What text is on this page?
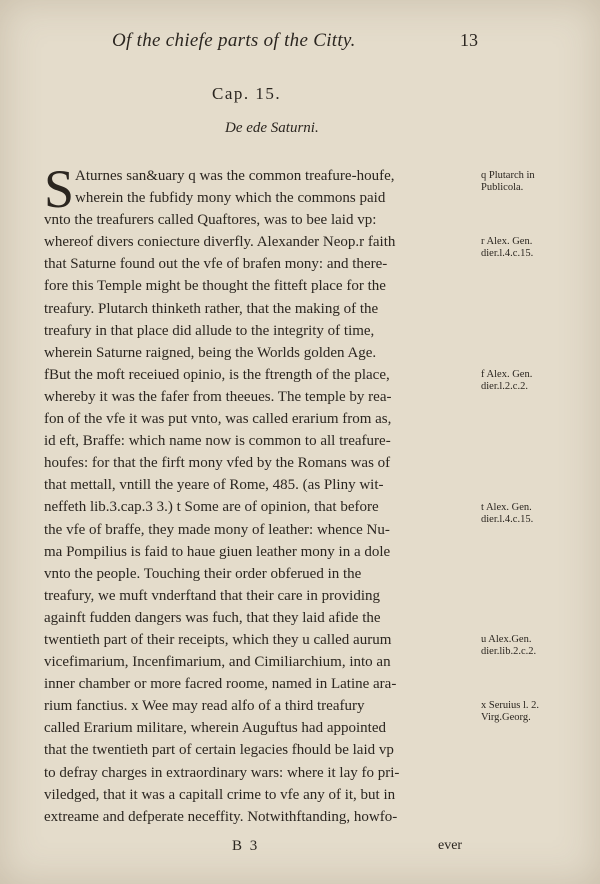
Of the chiefe parts of the Citty.	13
Cap. 15.
De ede Saturni.
S Aturnes san&uary q was the common treafure-houfe,
wherein the fubfidy mony which the commons paid
vnto the treafurers called Quaftores, was to bee laid vp:
whereof divers coniecture diverfly. Alexander Neop.r faith
that Saturne found out the vfe of brafen mony: and there-
fore this Temple might be thought the fitteft place for the
treafury. Plutarch thinketh rather, that the making of the
treafury in that place did allude to the integrity of time,
wherein Saturne raigned, being the Worlds golden Age.
fBut the moft receiued opinio, is the ftrength of the place,
whereby it was the fafer from theeues. The temple by rea-
fon of the vfe it was put vnto, was called erarium from as,
id eft, Braffe: which name now is common to all treafure-
houfes: for that the firft mony vfed by the Romans was of
that mettall, vntill the yeare of Rome, 485. (as Pliny wit-
neffeth lib.3.cap.3 3.) t Some are of opinion, that before
the vfe of braffe, they made mony of leather: whence Nu-
ma Pompilius is faid to haue giuen leather mony in a dole
vnto the people. Touching their order obferued in the
treafury, we muft vnderftand that their care in providing
againft fudden dangers was fuch, that they laid afide the
twentieth part of their receipts, which they u called aurum
vicefimarium, Incenfimarium, and Cimiliarchium, into an
inner chamber or more facred roome, named in Latine ara-
rium fanctius. x Wee may read alfo of a third treafury
called Erarium militare, wherein Auguftus had appointed
that the twentieth part of certain legacies fhould be laid vp
to defray charges in extraordinary wars: where it lay fo pri-
viledged, that it was a capitall crime to vfe any of it, but in
extreame and defperate neceffity. Notwithftanding, howfo-
q Plutarch in
Publicola.
r Alex. Gen.
dier.l.4.c.15.
f Alex. Gen.
dier.l.2.c.2.
t Alex. Gen.
dier.l.4.c.15.
u Alex.Gen.
dier.lib.2.c.2.
x Seruius l. 2.
Virg.Georg.
B 3	ever
